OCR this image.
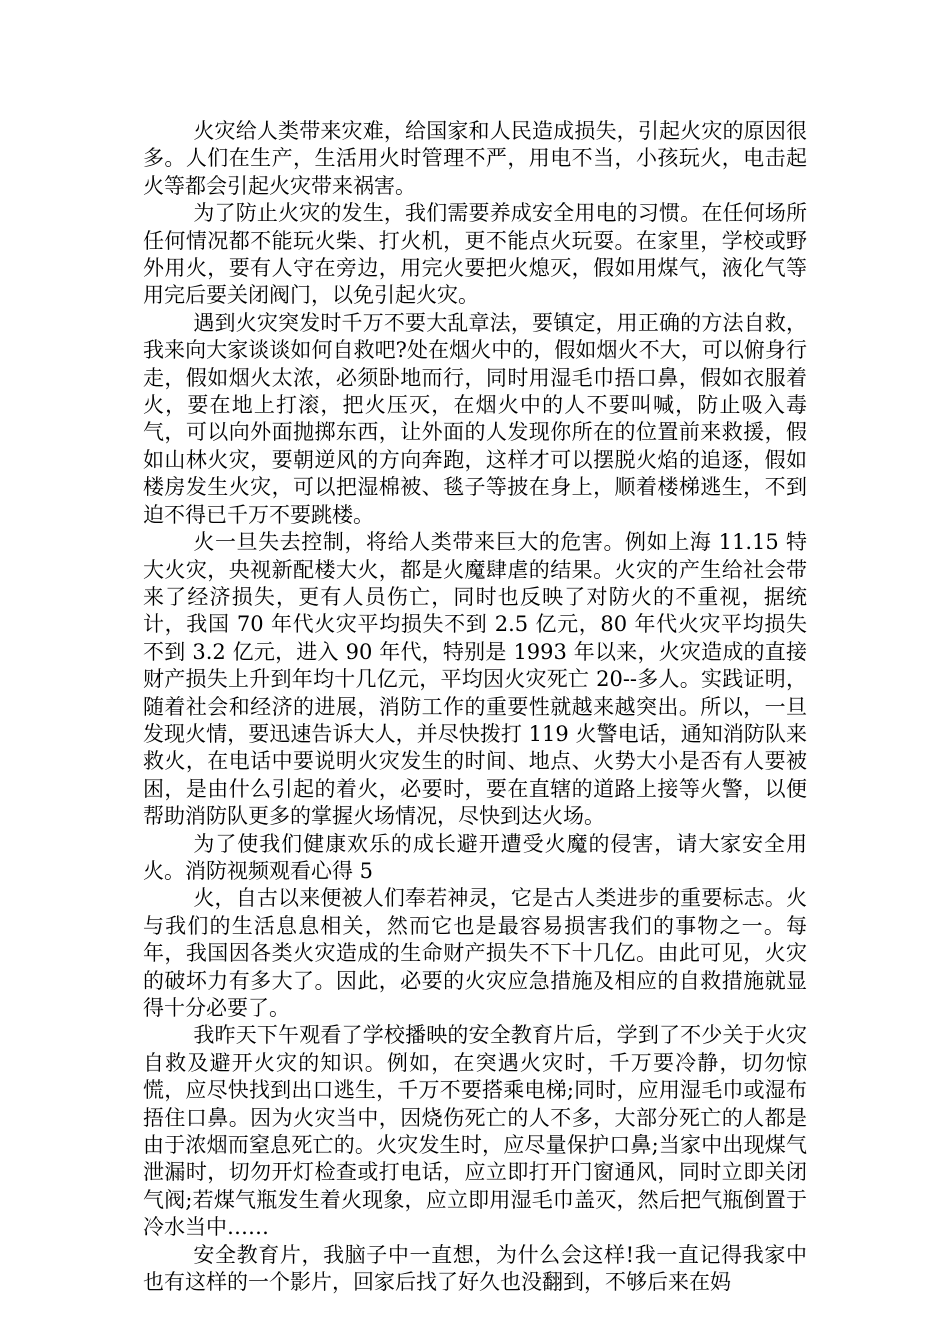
火灾给人类带来灾难，给国家和人民造成损失，引起火灾的原因很多。人们在生产，生活用火时管理不严，用电不当，小孩玩火，电击起火等都会引起火灾带来祸害。

为了防止火灾的发生，我们需要养成安全用电的习惯。在任何场所任何情况都不能玩火柴、打火机，更不能点火玩耍。在家里，学校或野外用火，要有人守在旁边，用完火要把火熄灭，假如用煤气，液化气等用完后要关闭阀门，以免引起火灾。

遇到火灾突发时千万不要大乱章法，要镇定，用正确的方法自救，我来向大家谈谈如何自救吧?处在烟火中的，假如烟火不大，可以俯身行走，假如烟火太浓，必须卧地而行，同时用湿毛巾捂口鼻，假如衣服着火，要在地上打滚，把火压灭，在烟火中的人不要叫喊，防止吸入毒气，可以向外面抛掷东西，让外面的人发现你所在的位置前来救援，假如山林火灾，要朝逆风的方向奔跑，这样才可以摆脱火焰的追逐，假如楼房发生火灾，可以把湿棉被、毯子等披在身上，顺着楼梯逃生，不到迫不得已千万不要跳楼。

火一旦失去控制，将给人类带来巨大的危害。例如上海 11.15 特大火灾，央视新配楼大火，都是火魔肆虐的结果。火灾的产生给社会带来了经济损失，更有人员伤亡，同时也反映了对防火的不重视，据统计，我国 70 年代火灾平均损失不到 2.5 亿元，80 年代火灾平均损失不到 3.2 亿元，进入 90 年代，特别是 1993 年以来，火灾造成的直接财产损失上升到年均十几亿元，平均因火灾死亡 20--多人。实践证明，随着社会和经济的进展，消防工作的重要性就越来越突出。所以，一旦发现火情，要迅速告诉大人，并尽快拨打 119 火警电话，通知消防队来救火，在电话中要说明火灾发生的时间、地点、火势大小是否有人要被困，是由什么引起的着火，必要时，要在直辖的道路上接等火警，以便帮助消防队更多的掌握火场情况，尽快到达火场。

为了使我们健康欢乐的成长避开遭受火魔的侵害，请大家安全用火。消防视频观看心得 5

火，自古以来便被人们奉若神灵，它是古人类进步的重要标志。火与我们的生活息息相关，然而它也是最容易损害我们的事物之一。每年，我国因各类火灾造成的生命财产损失不下十几亿。由此可见，火灾的破坏力有多大了。因此，必要的火灾应急措施及相应的自救措施就显得十分必要了。

我昨天下午观看了学校播映的安全教育片后，学到了不少关于火灾自救及避开火灾的知识。例如，在突遇火灾时，千万要冷静，切勿惊慌，应尽快找到出口逃生，千万不要搭乘电梯;同时，应用湿毛巾或湿布捂住口鼻。因为火灾当中，因烧伤死亡的人不多，大部分死亡的人都是由于浓烟而窒息死亡的。火灾发生时，应尽量保护口鼻;当家中出现煤气泄漏时，切勿开灯检查或打电话，应立即打开门窗通风，同时立即关闭气阀;若煤气瓶发生着火现象，应立即用湿毛巾盖灭，然后把气瓶倒置于冷水当中……

安全教育片，我脑子中一直想，为什么会这样!我一直记得我家中也有这样的一个影片，回家后找了好久也没翻到，不够后来在妈
